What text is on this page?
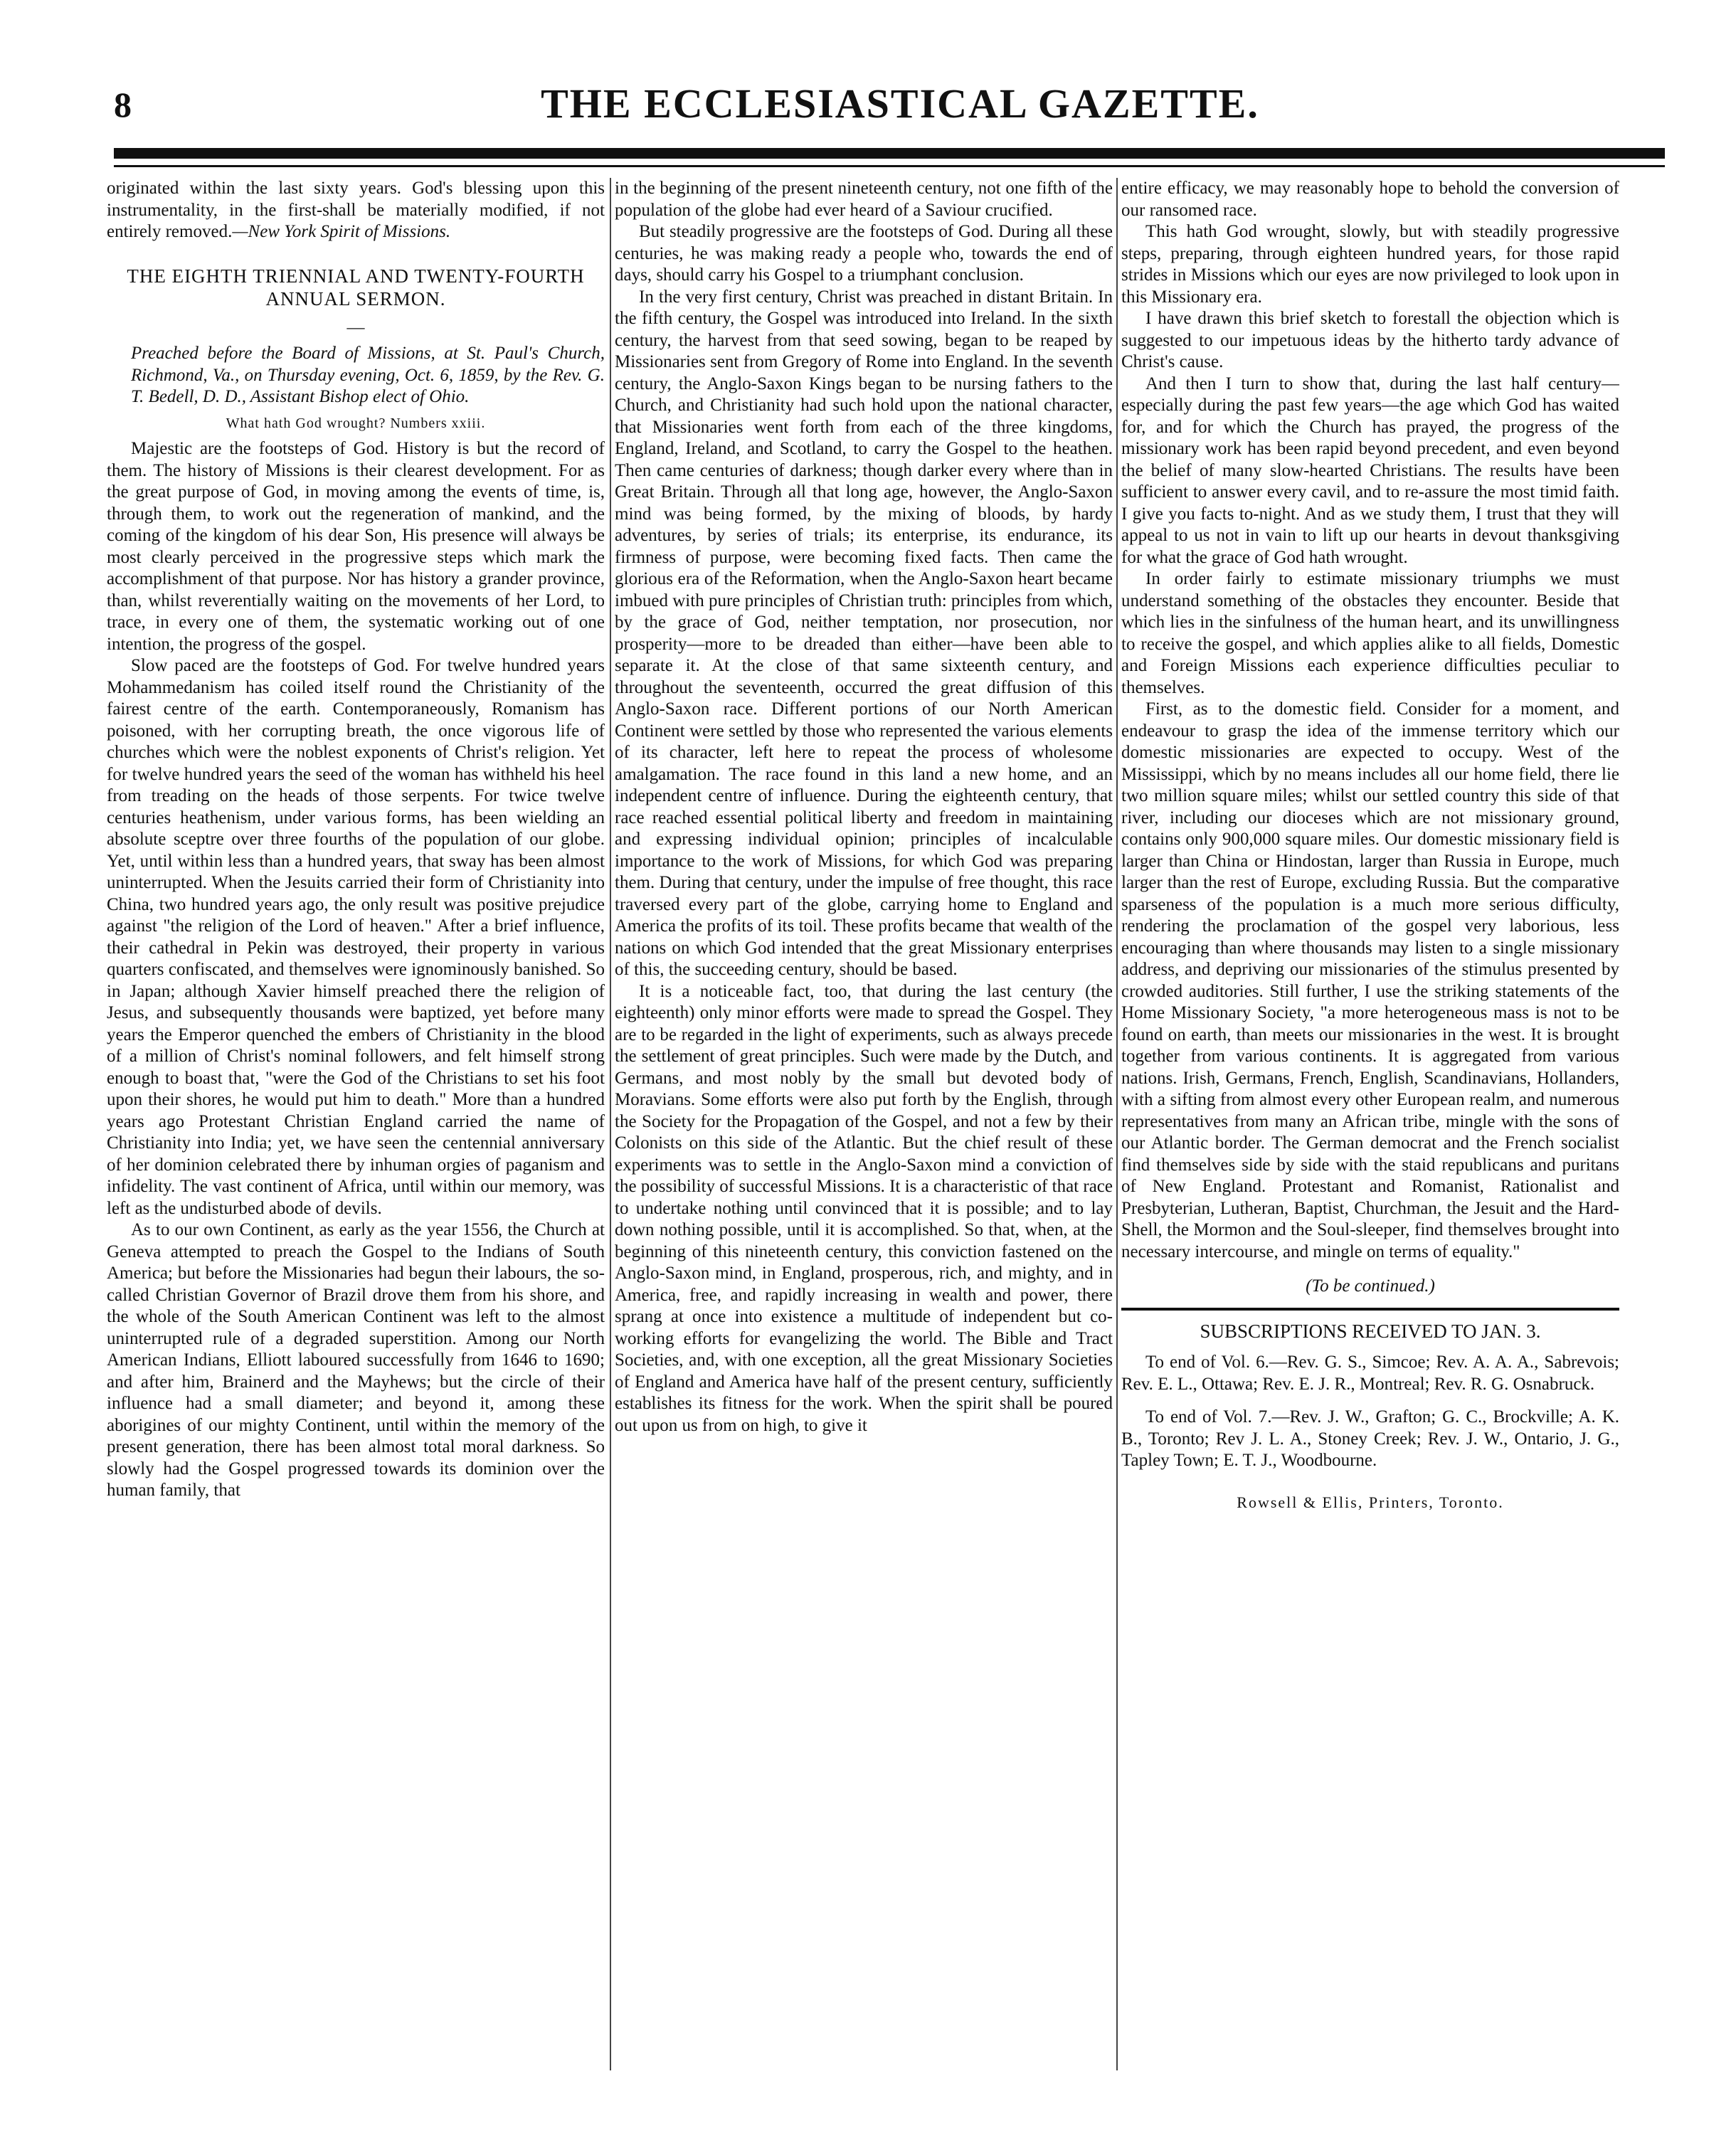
8	THE ECCLESIASTICAL GAZETTE.

originated within the last sixty years. God's blessing upon this instrumentality, in the first-shall be materially modified, if not entirely removed.—New York Spirit of Missions.

THE EIGHTH TRIENNIAL AND TWENTY-FOURTH ANNUAL SERMON.

—

Preached before the Board of Missions, at St. Paul's Church, Richmond, Va., on Thursday evening, Oct. 6, 1859, by the Rev. G. T. Bedell, D. D., Assistant Bishop elect of Ohio.

What hath God wrought? Numbers xxiii.

Majestic are the footsteps of God. History is but the record of them. The history of Missions is their clearest development. For as the great purpose of God, in moving among the events of time, is, through them, to work out the regeneration of mankind, and the coming of the kingdom of his dear Son, His presence will always be most clearly perceived in the progressive steps which mark the accomplishment of that purpose. Nor has history a grander province, than, whilst reverentially waiting on the movements of her Lord, to trace, in every one of them, the systematic working out of one intention, the progress of the gospel.

Slow paced are the footsteps of God. For twelve hundred years Mohammedanism has coiled itself round the Christianity of the fairest centre of the earth. Contemporaneously, Romanism has poisoned, with her corrupting breath, the once vigorous life of churches which were the noblest exponents of Christ's religion. Yet for twelve hundred years the seed of the woman has withheld his heel from treading on the heads of those serpents. For twice twelve centuries heathenism, under various forms, has been wielding an absolute sceptre over three fourths of the population of our globe. Yet, until within less than a hundred years, that sway has been almost uninterrupted. When the Jesuits carried their form of Christianity into China, two hundred years ago, the only result was positive prejudice against "the religion of the Lord of heaven." After a brief influence, their cathedral in Pekin was destroyed, their property in various quarters confiscated, and themselves were ignominously banished. So in Japan; although Xavier himself preached there the religion of Jesus, and subsequently thousands were baptized, yet before many years the Emperor quenched the embers of Christianity in the blood of a million of Christ's nominal followers, and felt himself strong enough to boast that, "were the God of the Christians to set his foot upon their shores, he would put him to death." More than a hundred years ago Protestant Christian England carried the name of Christianity into India; yet, we have seen the centennial anniversary of her dominion celebrated there by inhuman orgies of paganism and infidelity. The vast continent of Africa, until within our memory, was left as the undisturbed abode of devils.

As to our own Continent, as early as the year 1556, the Church at Geneva attempted to preach the Gospel to the Indians of South America; but before the Missionaries had begun their labours, the so-called Christian Governor of Brazil drove them from his shore, and the whole of the South American Continent was left to the almost uninterrupted rule of a degraded superstition. Among our North American Indians, Elliott laboured successfully from 1646 to 1690; and after him, Brainerd and the Mayhews; but the circle of their influence had a small diameter; and beyond it, among these aborigines of our mighty Continent, until within the memory of the present generation, there has been almost total moral darkness. So slowly had the Gospel progressed towards its dominion over the human family, that

in the beginning of the present nineteenth century, not one fifth of the population of the globe had ever heard of a Saviour crucified.

But steadily progressive are the footsteps of God. During all these centuries, he was making ready a people who, towards the end of days, should carry his Gospel to a triumphant conclusion.

In the very first century, Christ was preached in distant Britain. In the fifth century, the Gospel was introduced into Ireland. In the sixth century, the harvest from that seed sowing, began to be reaped by Missionaries sent from Gregory of Rome into England. In the seventh century, the Anglo-Saxon Kings began to be nursing fathers to the Church, and Christianity had such hold upon the national character, that Missionaries went forth from each of the three kingdoms, England, Ireland, and Scotland, to carry the Gospel to the heathen. Then came centuries of darkness; though darker every where than in Great Britain. Through all that long age, however, the Anglo-Saxon mind was being formed, by the mixing of bloods, by hardy adventures, by series of trials; its enterprise, its endurance, its firmness of purpose, were becoming fixed facts. Then came the glorious era of the Reformation, when the Anglo-Saxon heart became imbued with pure principles of Christian truth: principles from which, by the grace of God, neither temptation, nor prosecution, nor prosperity—more to be dreaded than either—have been able to separate it. At the close of that same sixteenth century, and throughout the seventeenth, occurred the great diffusion of this Anglo-Saxon race. Different portions of our North American Continent were settled by those who represented the various elements of its character, left here to repeat the process of wholesome amalgamation. The race found in this land a new home, and an independent centre of influence. During the eighteenth century, that race reached essential political liberty and freedom in maintaining and expressing individual opinion; principles of incalculable importance to the work of Missions, for which God was preparing them. During that century, under the impulse of free thought, this race traversed every part of the globe, carrying home to England and America the profits of its toil. These profits became that wealth of the nations on which God intended that the great Missionary enterprises of this, the succeeding century, should be based.

It is a noticeable fact, too, that during the last century (the eighteenth) only minor efforts were made to spread the Gospel. They are to be regarded in the light of experiments, such as always precede the settlement of great principles. Such were made by the Dutch, and Germans, and most nobly by the small but devoted body of Moravians. Some efforts were also put forth by the English, through the Society for the Propagation of the Gospel, and not a few by their Colonists on this side of the Atlantic. But the chief result of these experiments was to settle in the Anglo-Saxon mind a conviction of the possibility of successful Missions. It is a characteristic of that race to undertake nothing until convinced that it is possible; and to lay down nothing possible, until it is accomplished. So that, when, at the beginning of this nineteenth century, this conviction fastened on the Anglo-Saxon mind, in England, prosperous, rich, and mighty, and in America, free, and rapidly increasing in wealth and power, there sprang at once into existence a multitude of independent but co-working efforts for evangelizing the world. The Bible and Tract Societies, and, with one exception, all the great Missionary Societies of England and America have half of the present century, sufficiently establishes its fitness for the work. When the spirit shall be poured out upon us from on high, to give it

entire efficacy, we may reasonably hope to behold the conversion of our ransomed race.

This hath God wrought, slowly, but with steadily progressive steps, preparing, through eighteen hundred years, for those rapid strides in Missions which our eyes are now privileged to look upon in this Missionary era.

I have drawn this brief sketch to forestall the objection which is suggested to our impetuous ideas by the hitherto tardy advance of Christ's cause.

And then I turn to show that, during the last half century—especially during the past few years—the age which God has waited for, and for which the Church has prayed, the progress of the missionary work has been rapid beyond precedent, and even beyond the belief of many slow-hearted Christians. The results have been sufficient to answer every cavil, and to re-assure the most timid faith. I give you facts to-night. And as we study them, I trust that they will appeal to us not in vain to lift up our hearts in devout thanksgiving for what the grace of God hath wrought.

In order fairly to estimate missionary triumphs we must understand something of the obstacles they encounter. Beside that which lies in the sinfulness of the human heart, and its unwillingness to receive the gospel, and which applies alike to all fields, Domestic and Foreign Missions each experience difficulties peculiar to themselves.

First, as to the domestic field. Consider for a moment, and endeavour to grasp the idea of the immense territory which our domestic missionaries are expected to occupy. West of the Mississippi, which by no means includes all our home field, there lie two million square miles; whilst our settled country this side of that river, including our dioceses which are not missionary ground, contains only 900,000 square miles. Our domestic missionary field is larger than China or Hindostan, larger than Russia in Europe, much larger than the rest of Europe, excluding Russia. But the comparative sparseness of the population is a much more serious difficulty, rendering the proclamation of the gospel very laborious, less encouraging than where thousands may listen to a single missionary address, and depriving our missionaries of the stimulus presented by crowded auditories. Still further, I use the striking statements of the Home Missionary Society, "a more heterogeneous mass is not to be found on earth, than meets our missionaries in the west. It is brought together from various continents. It is aggregated from various nations. Irish, Germans, French, English, Scandinavians, Hollanders, with a sifting from almost every other European realm, and numerous representatives from many an African tribe, mingle with the sons of our Atlantic border. The German democrat and the French socialist find themselves side by side with the staid republicans and puritans of New England. Protestant and Romanist, Rationalist and Presbyterian, Lutheran, Baptist, Churchman, the Jesuit and the Hard-Shell, the Mormon and the Soul-sleeper, find themselves brought into necessary intercourse, and mingle on terms of equality."

(To be continued.)

SUBSCRIPTIONS RECEIVED TO JAN. 3.

To end of Vol. 6.—Rev. G. S., Simcoe; Rev. A. A. A., Sabrevois; Rev. E. L., Ottawa; Rev. E. J. R., Montreal; Rev. R. G. Osnabruck.

To end of Vol. 7.—Rev. J. W., Grafton; G. C., Brockville; A. K. B., Toronto; Rev J. L. A., Stoney Creek; Rev. J. W., Ontario, J. G., Tapley Town; E. T. J., Woodbourne.

Rowsell & Ellis, Printers, Toronto.
